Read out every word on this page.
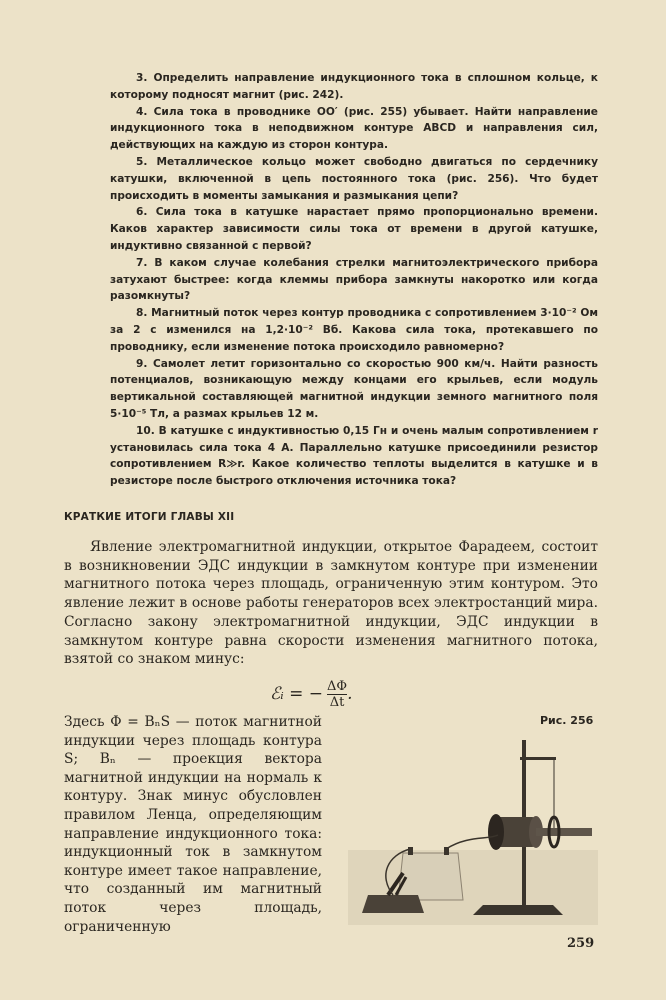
3. Определить направление индукционного тока в сплошном кольце, к которому подносят магнит (рис. 242).

4. Сила тока в проводнике OO′ (рис. 255) убывает. Найти направление индукционного тока в неподвижном контуре ABCD и направления сил, действующих на каждую из сторон контура.

5. Металлическое кольцо может свободно двигаться по сердечнику катушки, включенной в цепь постоянного тока (рис. 256). Что будет происходить в моменты замыкания и размыкания цепи?

6. Сила тока в катушке нарастает прямо пропорционально времени. Каков характер зависимости силы тока от времени в другой катушке, индуктивно связанной с первой?

7. В каком случае колебания стрелки магнитоэлектрического прибора затухают быстрее: когда клеммы прибора замкнуты накоротко или когда разомкнуты?

8. Магнитный поток через контур проводника с сопротивлением 3·10⁻² Ом за 2 с изменился на 1,2·10⁻² Вб. Какова сила тока, протекавшего по проводнику, если изменение потока происходило равномерно?

9. Самолет летит горизонтально со скоростью 900 км/ч. Найти разность потенциалов, возникающую между концами его крыльев, если модуль вертикальной составляющей магнитной индукции земного магнитного поля 5·10⁻⁵ Тл, а размах крыльев 12 м.

10. В катушке с индуктивностью 0,15 Гн и очень малым сопротивлением r установилась сила тока 4 А. Параллельно катушке присоединили резистор сопротивлением R≫r. Какое количество теплоты выделится в катушке и в резисторе после быстрого отключения источника тока?

КРАТКИЕ ИТОГИ ГЛАВЫ XII

Явление электромагнитной индукции, открытое Фарадеем, состоит в возникновении ЭДС индукции в замкнутом контуре при изменении магнитного потока через площадь, ограниченную этим контуром. Это явление лежит в основе работы генераторов всех электростанций мира. Согласно закону электромагнитной индукции, ЭДС индукции в замкнутом контуре равна скорости изменения магнитного потока, взятой со знаком минус:

ℰᵢ = − $\frac{\Delta\Phi}{\Delta t}$ .

Здесь Φ = BₙS — поток магнитной индукции через площадь контура S; Bₙ — проекция вектора магнитной индукции на нормаль к контуру. Знак минус обусловлен правилом Ленца, определяющим направление индукционного тока: индукционный ток в замкнутом контуре имеет такое направление, что созданный им магнитный поток через площадь, ограниченную

Рис. 256
259
